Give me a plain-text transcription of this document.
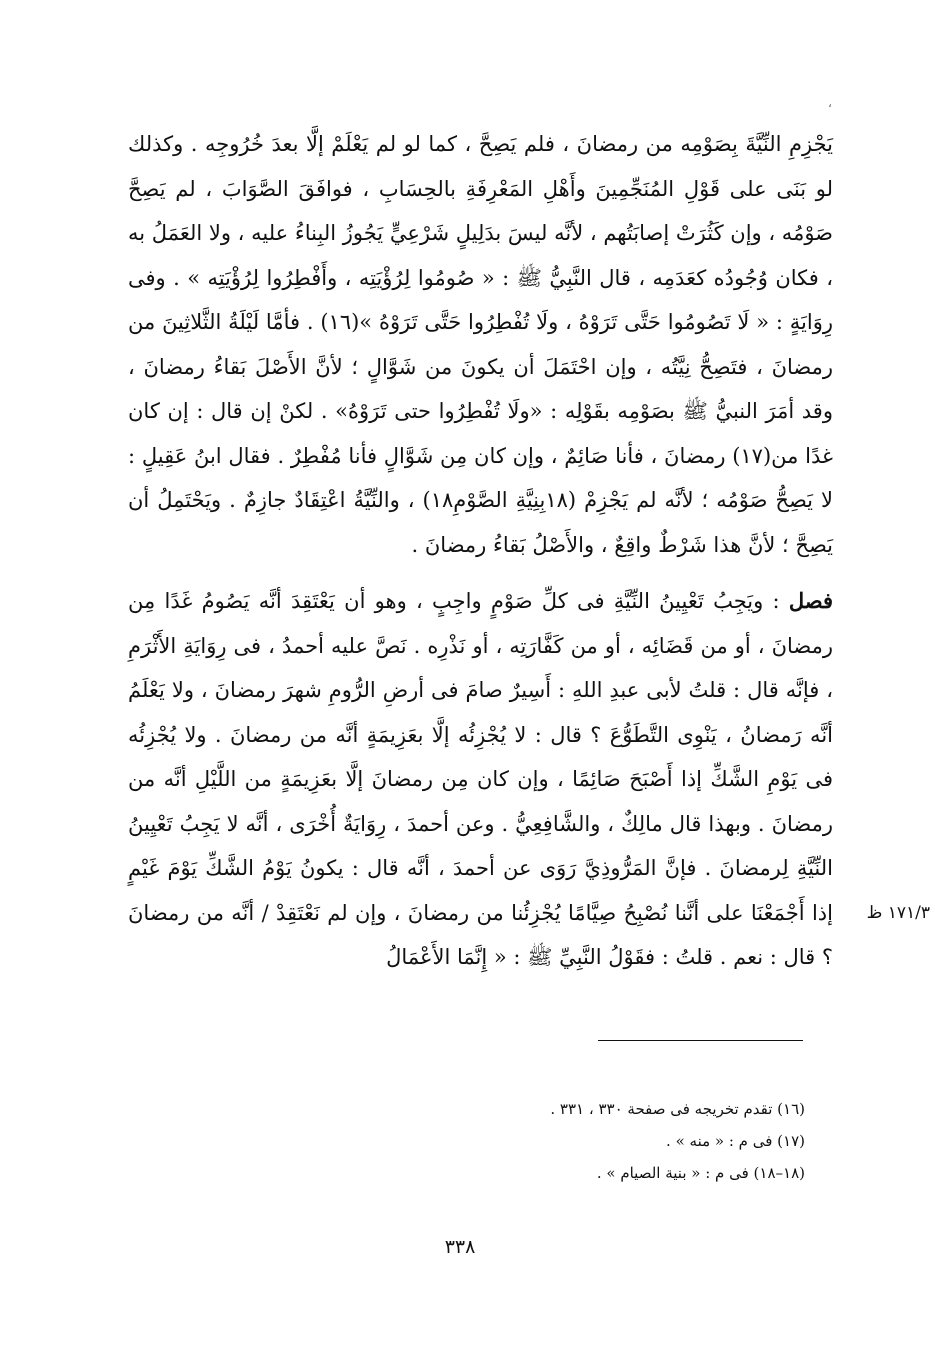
،

يَجْزِمِ النِّيَّةَ بِصَوْمِه من رمضانَ ، فلم يَصِحَّ ، كما لو لم يَعْلَمْ إلَّا بعدَ خُرُوجِه . وكذلك لو بَنَى على قَوْلِ المُنَجِّمِينَ وأَهْلِ المَعْرِفَةِ بالحِسَابِ ، فوافَقَ الصَّوَابَ ، لم يَصِحَّ صَوْمُه ، وإن كَثُرَتْ إصابَتُهم ، لأنَّه ليسَ بدَلِيلٍ شَرْعِيٍّ يَجُوزُ البِناءُ عليه ، ولا العَمَلُ به ، فكان وُجُودُه كعَدَمِه ، قال النَّبِيُّ ﷺ : « صُومُوا لِرُؤْيَتِه ، وأَفْطِرُوا لِرُؤْيَتِه » . وفى رِوَايَةٍ : « لَا تَصُومُوا حَتَّى تَرَوْهُ ، ولَا تُفْطِرُوا حَتَّى تَرَوْهُ »(١٦) . فأمَّا لَيْلَةُ الثَّلاثِينَ من رمضانَ ، فتَصِحُّ نِيَّتُه ، وإن احْتَمَلَ أن يكونَ من شَوَّالٍ ؛ لأنَّ الأَصْلَ بَقاءُ رمضانَ ، وقد أمَرَ النبيُّ ﷺ بصَوْمِه بقَوْلِه : «ولَا تُفْطِرُوا حتى تَرَوْهُ» . لكنْ إن قال : إن كان غدًا من(١٧) رمضانَ ، فأنا صَائِمٌ ، وإن كان مِن شَوَّالٍ فأنا مُفْطِرٌ . فقال ابنُ عَقِيلٍ : لا يَصِحُّ صَوْمُه ؛ لأنَّه لم يَجْزِمْ (١٨بِنِيَّةِ الصَّوْمِ١٨) ، والنِّيَّةُ اعْتِقَادٌ جازِمٌ . ويَحْتَمِلُ أن يَصِحَّ ؛ لأنَّ هذا شَرْطٌ واقِعٌ ، والأَصْلُ بَقاءُ رمضانَ .

فصل : ويَجِبُ تَعْيِينُ النِّيَّةِ فى كلِّ صَوْمٍ واجِبٍ ، وهو أن يَعْتَقِدَ أنَّه يَصُومُ غَدًا مِن رمضانَ ، أو من قَضَائِه ، أو من كَفَّارَتِه ، أو نَذْرِه . نَصَّ عليه أحمدُ ، فى رِوَايَةِ الأَثْرَمِ ، فإنَّه قال : قلتُ لأبى عبدِ اللهِ : أَسِيرٌ صامَ فى أرضِ الرُّومِ شهرَ رمضانَ ، ولا يَعْلَمُ أنَّه رَمضانُ ، يَنْوِى التَّطَوُّعَ ؟ قال : لا يُجْزِئُه إلَّا بعَزِيمَةٍ أنَّه من رمضانَ . ولا يُجْزِئُه فى يَوْمِ الشَّكِّ إذا أَصْبَحَ صَائِمًا ، وإن كان مِن رمضانَ إلَّا بعَزِيمَةٍ من اللَّيْلِ أنَّه من رمضانَ . وبهذا قال مالِكٌ ، والشَّافِعِيُّ . وعن أحمدَ ، رِوَايَةٌ أُخْرَى ، أنَّه لا يَجِبُ تَعْيِينُ النِّيَّةِ لِرمضانَ . فإنَّ المَرُّوذِيَّ رَوَى عن أحمدَ ، أنَّه قال : يكونُ يَوْمُ الشَّكِّ يَوْمَ غَيْمٍ إذا أَجْمَعْنَا على أنَّنا نُصْبِحُ صِيَّامًا يُجْزِئُنا من رمضانَ ، وإن لم نَعْتَقِدْ / أنَّه من رمضانَ ؟ قال : نعم . قلتُ : فقَوْلُ النَّبِيِّ ﷺ : « إِنَّمَا الأَعْمَالُ

١٧١/٣ ظ

(١٦) تقدم تخريجه فى صفحة ٣٣٠ ، ٣٣١ .

(١٧) فى م : « منه » .

(١٨–١٨) فى م : « بنية الصيام » .

٣٣٨
